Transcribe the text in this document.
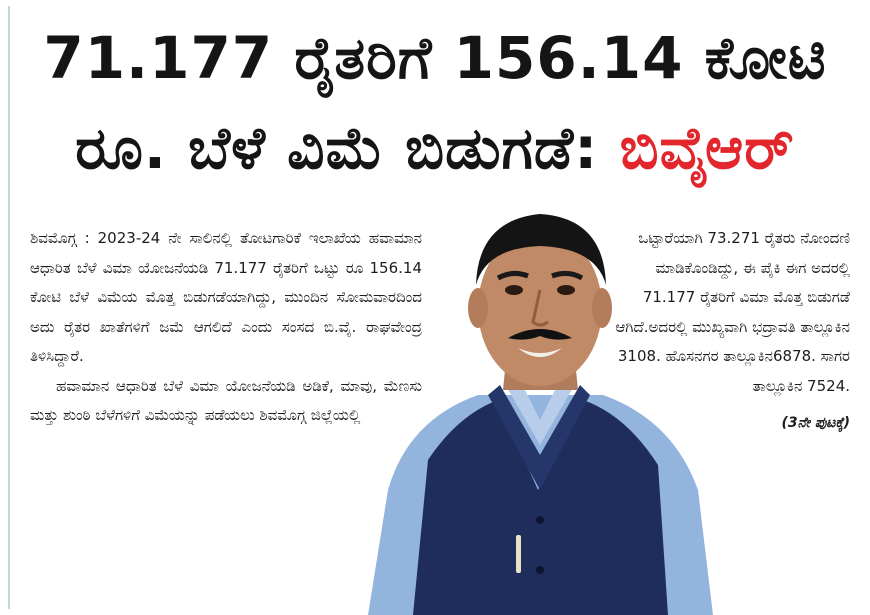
71.177 ರೈತರಿಗೆ 156.14 ಕೋಟಿ
ರೂ. ಬೆಳೆ ವಿಮೆ ಬಿಡುಗಡೆ: ಬಿವೈಆರ್

ಶಿವಮೊಗ್ಗ : 2023-24 ನೇ ಸಾಲಿನಲ್ಲಿ ತೋಟಗಾರಿಕೆ ಇಲಾಖೆಯ ಹವಾಮಾನ ಆಧಾರಿತ ಬೆಳೆ ವಿಮಾ ಯೋಜನೆಯಡಿ 71.177 ರೈತರಿಗೆ ಒಟ್ಟು ರೂ 156.14 ಕೋಟಿ ಬೆಳೆ ವಿಮೆಯ ಮೊತ್ತ ಬಿಡುಗಡೆಯಾಗಿದ್ದು, ಮುಂದಿನ ಸೋಮವಾರದಿಂದ ಅದು ರೈತರ ಖಾತೆಗಳಿಗೆ ಜಮೆ ಆಗಲಿದೆ ಎಂದು ಸಂಸದ ಬಿ.ವೈ. ರಾಘವೇಂದ್ರ ತಿಳಿಸಿದ್ದಾರೆ.

ಹವಾಮಾನ ಆಧಾರಿತ ಬೆಳೆ ವಿಮಾ ಯೋಜನೆಯಡಿ ಅಡಿಕೆ, ಮಾವು, ಮೆಣಸು ಮತ್ತು ಶುಂಠಿ ಬೆಳೆಗಳಿಗೆ ವಿಮೆಯನ್ನು ಪಡೆಯಲು ಶಿವಮೊಗ್ಗ ಜಿಲ್ಲೆಯಲ್ಲಿ

ಒಟ್ಟಾರೆಯಾಗಿ 73.271 ರೈತರು ನೋಂದಣಿ ಮಾಡಿಕೊಂಡಿದ್ದು, ಈ ಪೈಕಿ ಈಗ ಅದರಲ್ಲಿ 71.177 ರೈತರಿಗೆ ವಿಮಾ ಮೊತ್ತ ಬಿಡುಗಡೆ ಆಗಿದೆ.ಅದರಲ್ಲಿ ಮುಖ್ಯವಾಗಿ ಭದ್ರಾವತಿ ತಾಲ್ಲೂಕಿನ 3108. ಹೊಸನಗರ ತಾಲ್ಲೂಕಿನ6878. ಸಾಗರ ತಾಲ್ಲೂಕಿನ 7524.

(3ನೇ ಪುಟಕ್ಕೆ)
